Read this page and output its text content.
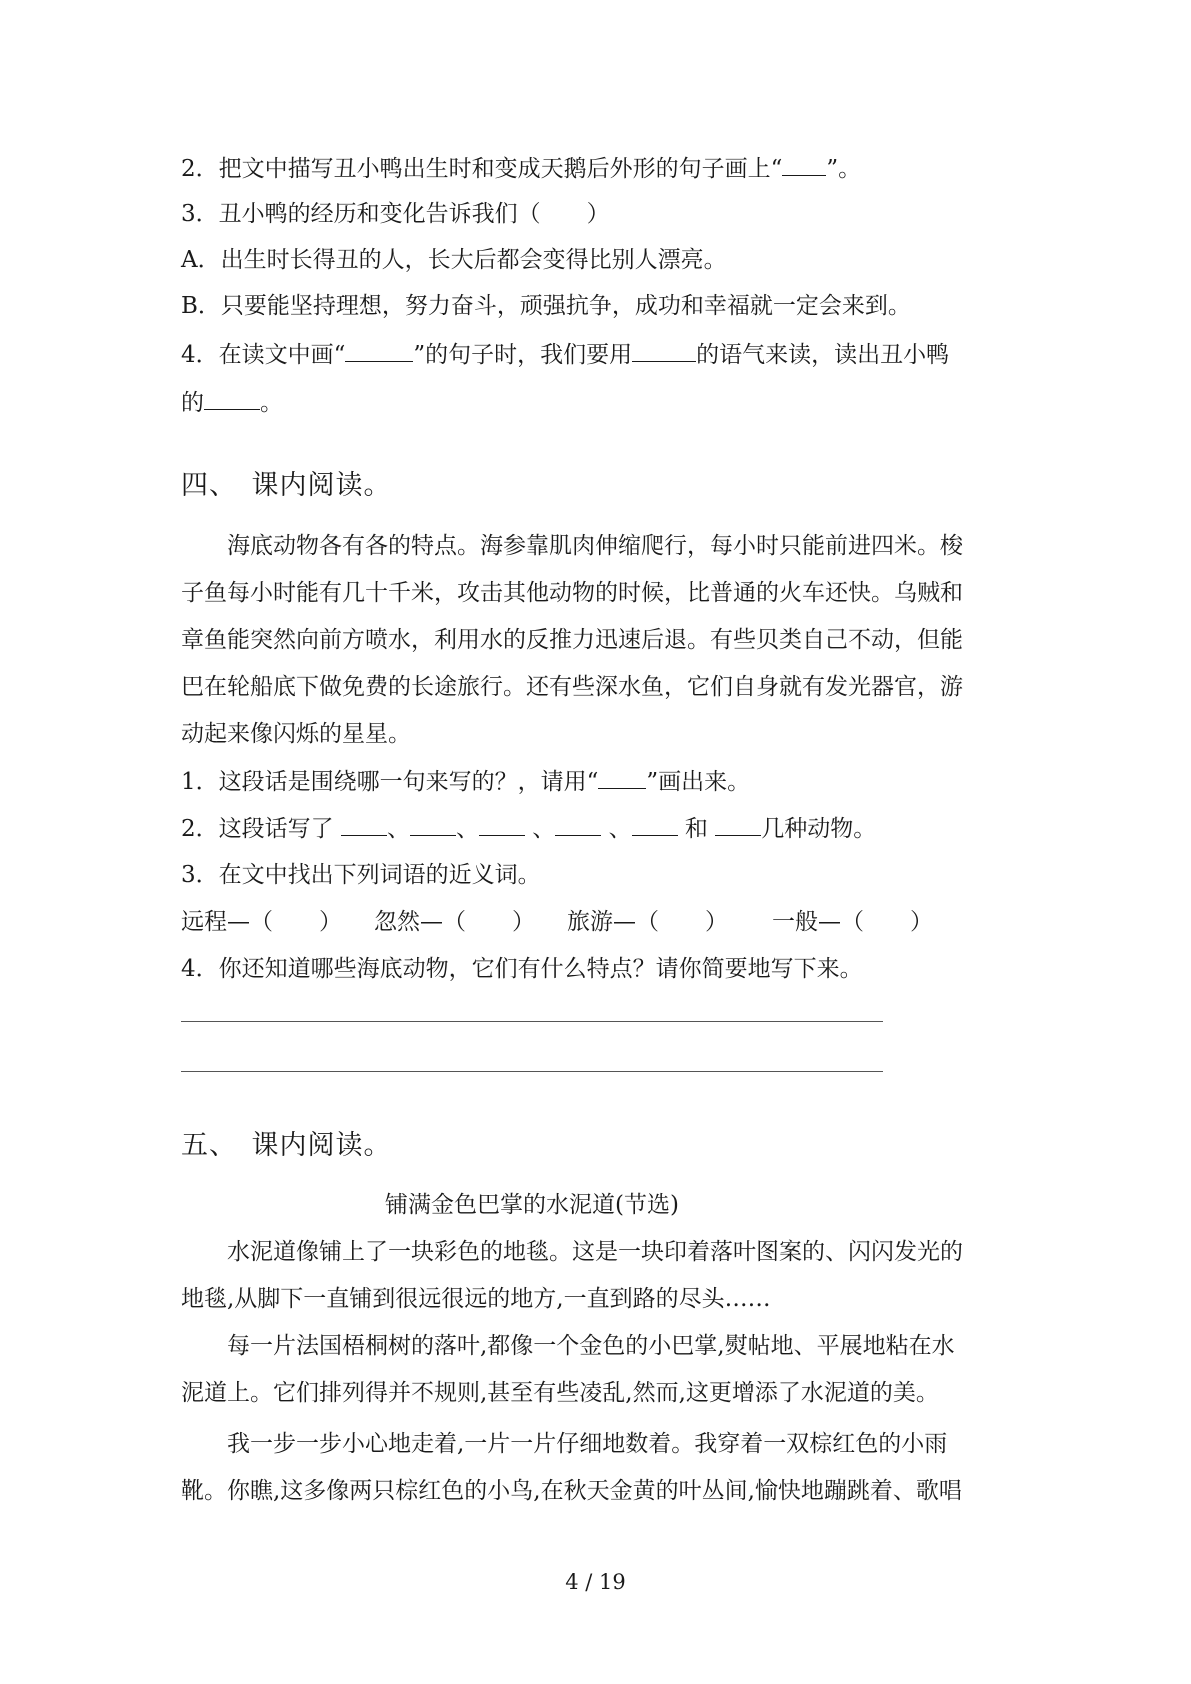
2．把文中描写丑小鸭出生时和变成天鹅后外形的句子画上“ ”。
3．丑小鸭的经历和变化告诉我们（　　）
A．出生时长得丑的人，长大后都会变得比别人漂亮。
B．只要能坚持理想，努力奋斗，顽强抗争，成功和幸福就一定会来到。
4．在读文中画“	”的句子时，我们要用	的语气来读，读出丑小鸭
的 。
四、　课内阅读。
　　海底动物各有各的特点。海参靠肌肉伸缩爬行，每小时只能前进四米。梭
子鱼每小时能有几十千米，攻击其他动物的时候，比普通的火车还快。乌贼和
章鱼能突然向前方喷水，利用水的反推力迅速后退。有些贝类自己不动，但能
巴在轮船底下做免费的长途旅行。还有些深水鱼，它们自身就有发光器官，游
动起来像闪烁的星星。
1．这段话是围绕哪一句来写的？，请用“ ”画出来。
2．这段话写了 、 、 、 、 和 几种动物。
3．在文中找出下列词语的近义词。
远程—（　　） 忽然—（　　） 旅游—（　　） 一般—（　　）
4．你还知道哪些海底动物，它们有什么特点？请你简要地写下来。
五、　课内阅读。
铺满金色巴掌的水泥道(节选)
　　水泥道像铺上了一块彩色的地毯。这是一块印着落叶图案的、闪闪发光的
地毯,从脚下一直铺到很远很远的地方,一直到路的尽头……
　　每一片法国梧桐树的落叶,都像一个金色的小巴掌,熨帖地、平展地粘在水
泥道上。它们排列得并不规则,甚至有些凌乱,然而,这更增添了水泥道的美。
　　我一步一步小心地走着,一片一片仔细地数着。我穿着一双棕红色的小雨
靴。你瞧,这多像两只棕红色的小鸟,在秋天金黄的叶丛间,愉快地蹦跳着、歌唱
4 / 19
